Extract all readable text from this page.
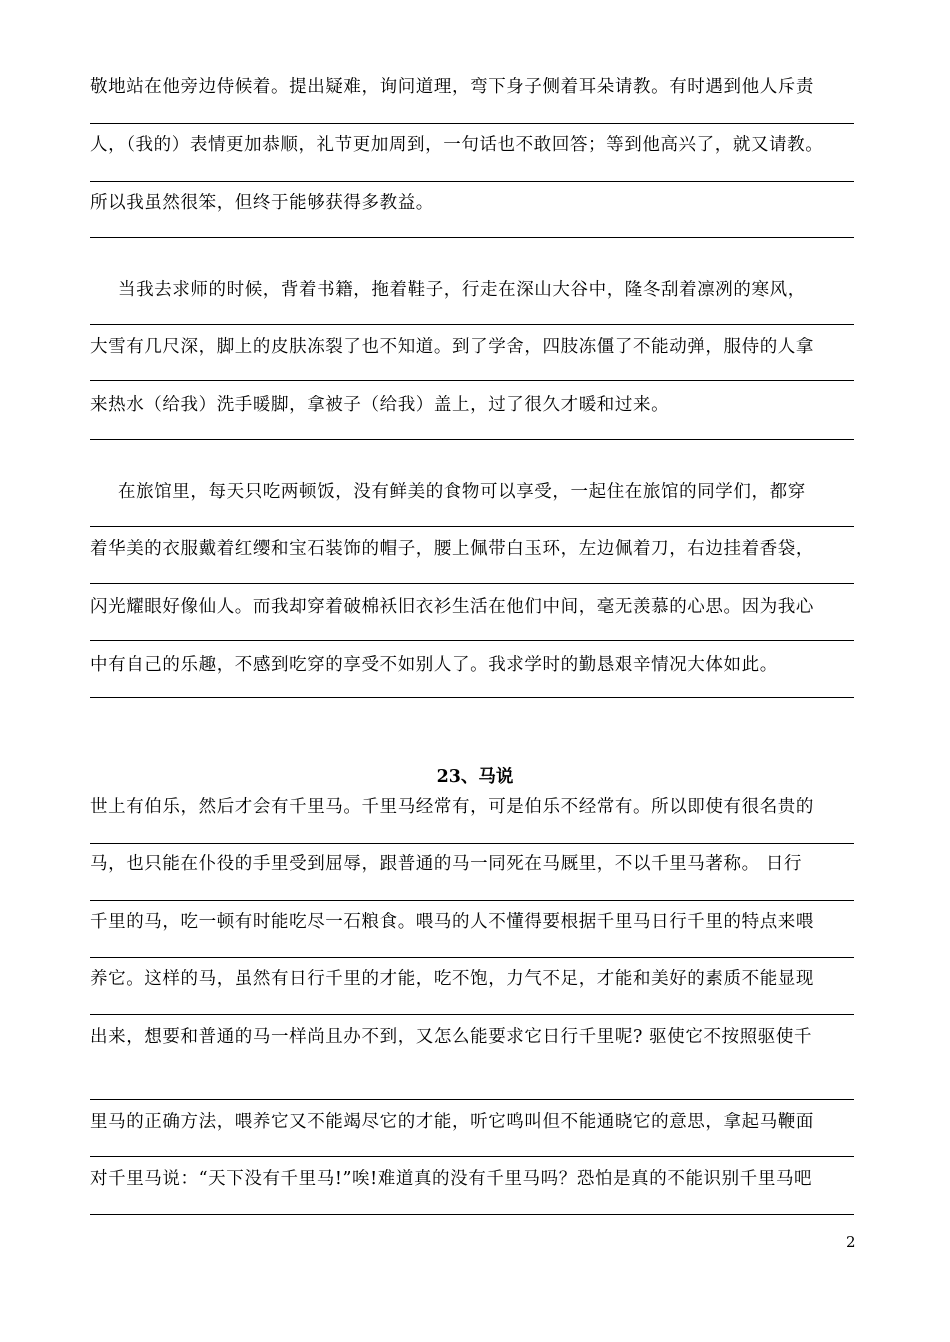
敬地站在他旁边侍候着。提出疑难，询问道理，弯下身子侧着耳朵请教。有时遇到他人斥责
人，（我的）表情更加恭顺，礼节更加周到，一句话也不敢回答；等到他高兴了，就又请教。
所以我虽然很笨，但终于能够获得多教益。
当我去求师的时候，背着书籍，拖着鞋子，行走在深山大谷中，隆冬刮着凛冽的寒风，
大雪有几尺深，脚上的皮肤冻裂了也不知道。到了学舍，四肢冻僵了不能动弹，服侍的人拿
来热水（给我）洗手暖脚，拿被子（给我）盖上，过了很久才暖和过来。
在旅馆里，每天只吃两顿饭，没有鲜美的食物可以享受，一起住在旅馆的同学们，都穿
着华美的衣服戴着红缨和宝石装饰的帽子，腰上佩带白玉环，左边佩着刀，右边挂着香袋，
闪光耀眼好像仙人。而我却穿着破棉袄旧衣衫生活在他们中间，毫无羡慕的心思。因为我心
中有自己的乐趣，不感到吃穿的享受不如别人了。我求学时的勤恳艰辛情况大体如此。
23、马说
世上有伯乐，然后才会有千里马。千里马经常有，可是伯乐不经常有。所以即使有很名贵的
马，也只能在仆役的手里受到屈辱，跟普通的马一同死在马厩里，不以千里马著称。 日行
千里的马，吃一顿有时能吃尽一石粮食。喂马的人不懂得要根据千里马日行千里的特点来喂
养它。这样的马，虽然有日行千里的才能，吃不饱，力气不足，才能和美好的素质不能显现
出来，想要和普通的马一样尚且办不到，又怎么能要求它日行千里呢? 驱使它不按照驱使千
里马的正确方法，喂养它又不能竭尽它的才能，听它鸣叫但不能通晓它的意思，拿起马鞭面
对千里马说：“天下没有千里马!”唉!难道真的没有千里马吗？恐怕是真的不能识别千里马吧
2
